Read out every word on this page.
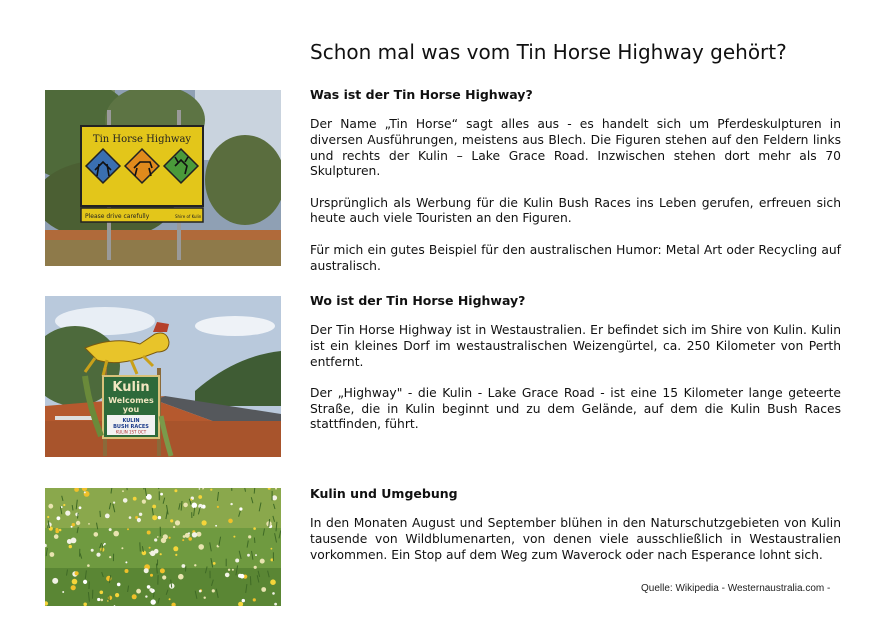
Schon mal was vom Tin Horse Highway gehört?
Was ist der Tin Horse Highway?

Der Name „Tin Horse“ sagt alles aus - es handelt sich um Pferdeskulpturen in diversen Ausführungen, meistens aus Blech. Die Figuren stehen auf den Feldern links und rechts der Kulin – Lake Grace Road. Inzwischen stehen dort mehr als 70 Skulpturen.

Ursprünglich als Werbung für die Kulin Bush Races ins Leben gerufen, erfreuen sich heute auch viele Touristen an den Figuren.

Für mich ein gutes Beispiel für den australischen Humor: Metal Art oder Recycling auf australisch.

Wo ist der Tin Horse Highway?

Der Tin Horse Highway ist in Westaustralien. Er befindet sich im Shire von Kulin. Kulin ist ein kleines Dorf im westaustralischen Weizengürtel, ca. 250 Kilometer von Perth entfernt.

Der „Highway" - die Kulin - Lake Grace Road - ist eine 15 Kilometer lange geteerte Straße, die in Kulin beginnt und zu dem Gelände, auf dem die Kulin Bush Races stattfinden, führt.

Kulin und Umgebung

In den Monaten August und September blühen in den Naturschutzgebieten von Kulin tausende von Wildblumenarten, von denen viele ausschließlich in Westaustralien vorkommen. Ein Stop auf dem Weg zum Waverock oder nach Esperance lohnt sich.

Quelle: Wikipedia - Westernaustralia.com -
Tin Horse Highway
Please drive carefully	Shire of Kulin
Kulin
Welcomes
you
KULIN
BUSH RACES
KULIN 1ST OCT
